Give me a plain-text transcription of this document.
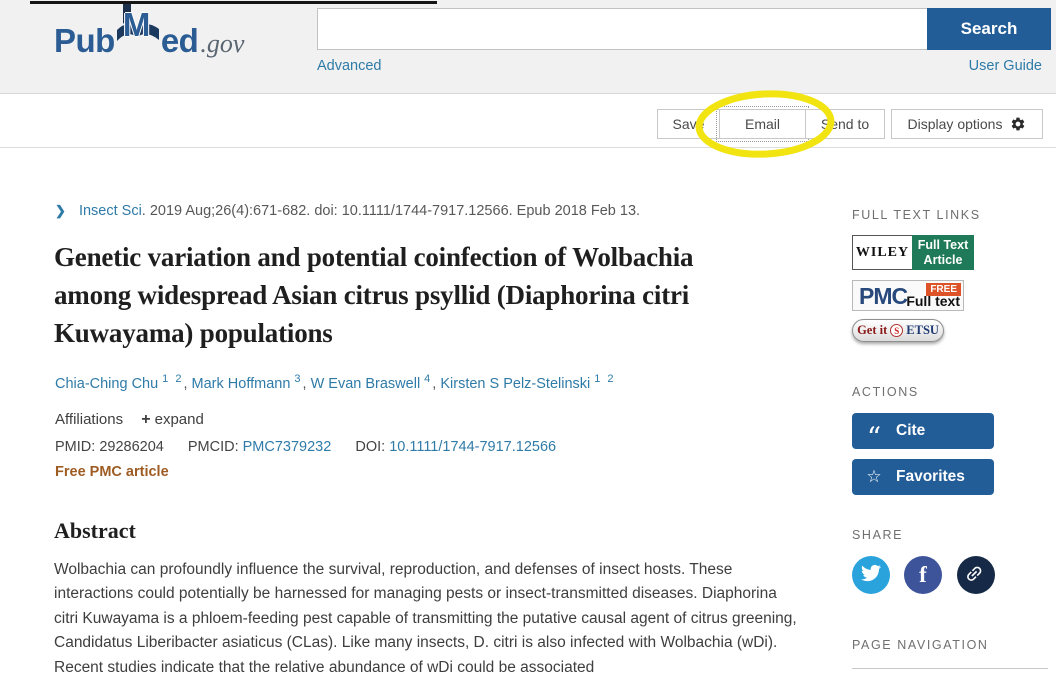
Pub M ed .gov
Search
Advanced	User Guide
Save	Email	Send to	Display options
❯ Insect Sci. 2019 Aug;26(4):671-682. doi: 10.1111/1744-7917.12566. Epub 2018 Feb 13.
Genetic variation and potential coinfection of Wolbachia among widespread Asian citrus psyllid (Diaphorina citri Kuwayama) populations
Chia-Ching Chu $^{1 2}$, Mark Hoffmann $^3$, W Evan Braswell $^4$, Kirsten S Pelz-Stelinski $^{1 2}$
Affiliations + expand
PMID: 29286204 PMCID: PMC7379232 DOI: 10.1111/1744-7917.12566
Free PMC article
Abstract

Wolbachia can profoundly influence the survival, reproduction, and defenses of insect hosts. These interactions could potentially be harnessed for managing pests or insect-transmitted diseases. Diaphorina citri Kuwayama is a phloem-feeding pest capable of transmitting the putative causal agent of citrus greening, Candidatus Liberibacter asiaticus (CLas). Like many insects, D. citri is also infected with Wolbachia (wDi). Recent studies indicate that the relative abundance of wDi could be associated

FULL TEXT LINKS
WILEY Full Text
Article
PMC	FREE
Full text
Get it S ETSU
ACTIONS
“ Cite
☆ Favorites
SHARE
f
PAGE NAVIGATION
